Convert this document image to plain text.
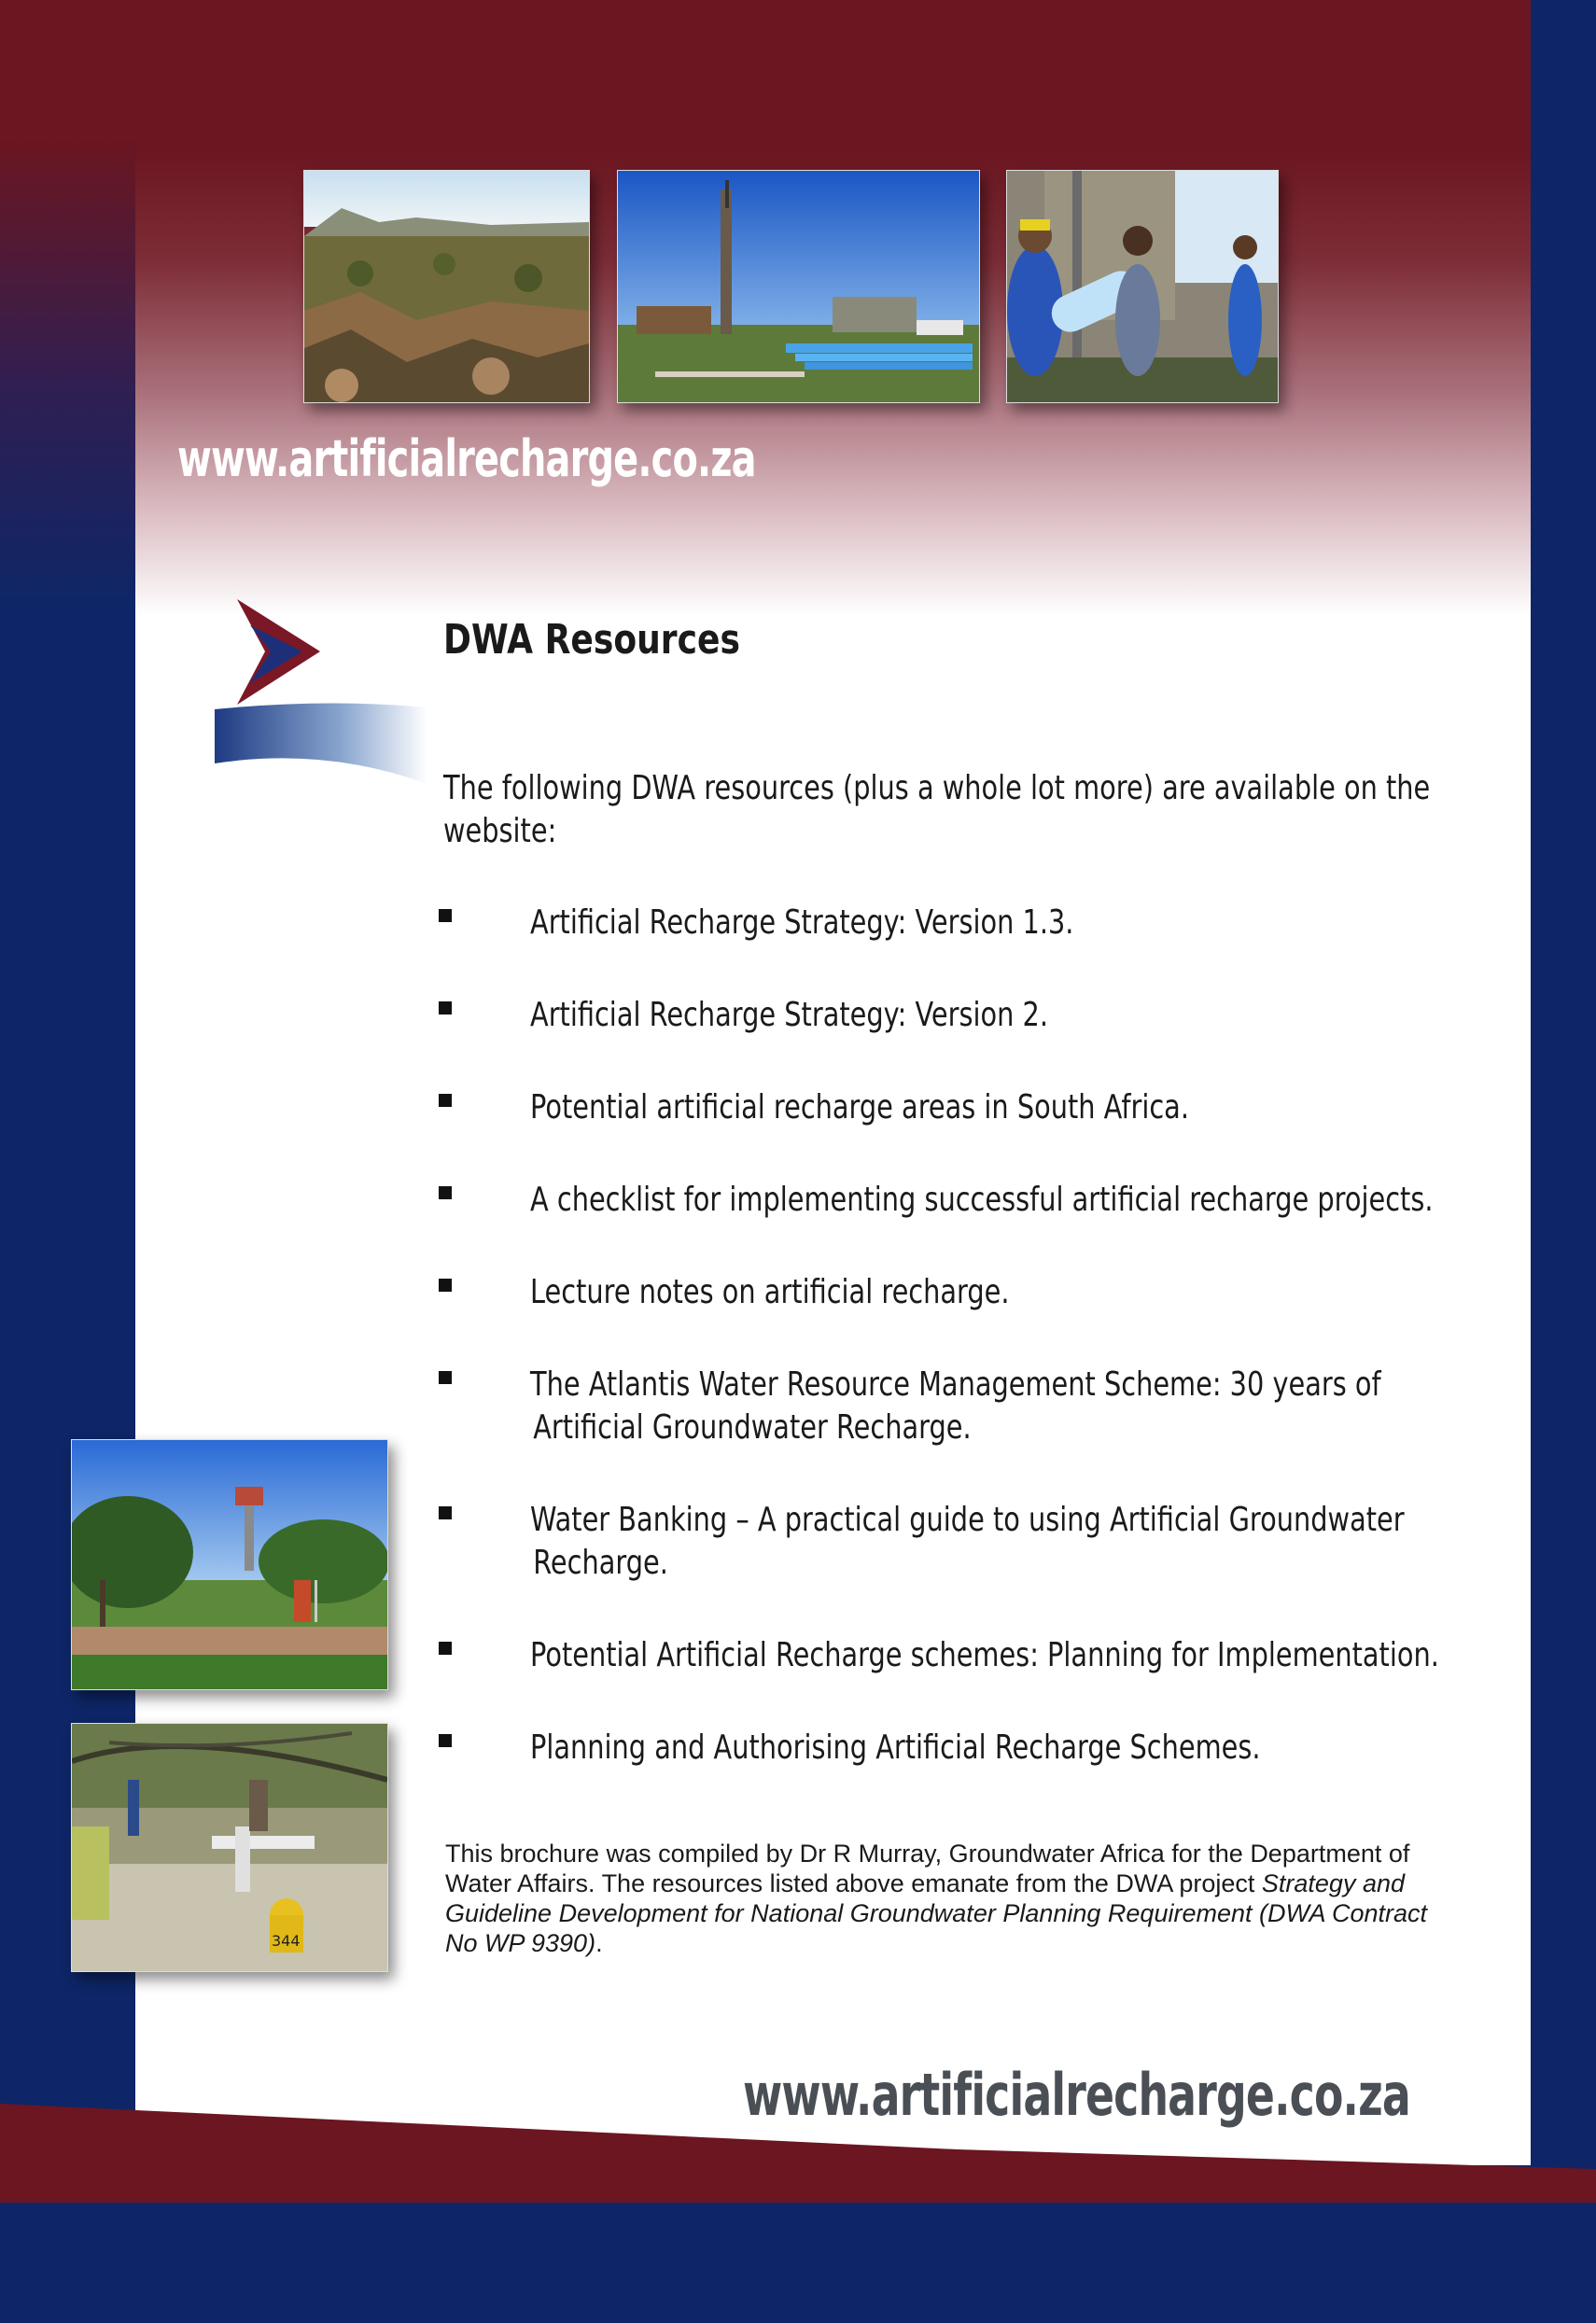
www.artificialrecharge.co.za
DWA Resources
The following DWA resources (plus a whole lot more) are available on the website:
Artificial Recharge Strategy: Version 1.3.
Artificial Recharge Strategy: Version 2.
Potential artificial recharge areas in South Africa.
A checklist for implementing successful artificial recharge projects.
Lecture notes on artificial recharge.
The Atlantis Water Resource Management Scheme: 30 years of
Artificial Groundwater Recharge.
Water Banking – A practical guide to using Artificial Groundwater
Recharge.
Potential Artificial Recharge schemes: Planning for Implementation.
Planning and Authorising Artificial Recharge Schemes.
344
This brochure was compiled by Dr R Murray, Groundwater Africa for the Department of Water Affairs. The resources listed above emanate from the DWA project Strategy and Guideline Development for National Groundwater Planning Requirement (DWA Contract No WP 9390).
www.artificialrecharge.co.za
